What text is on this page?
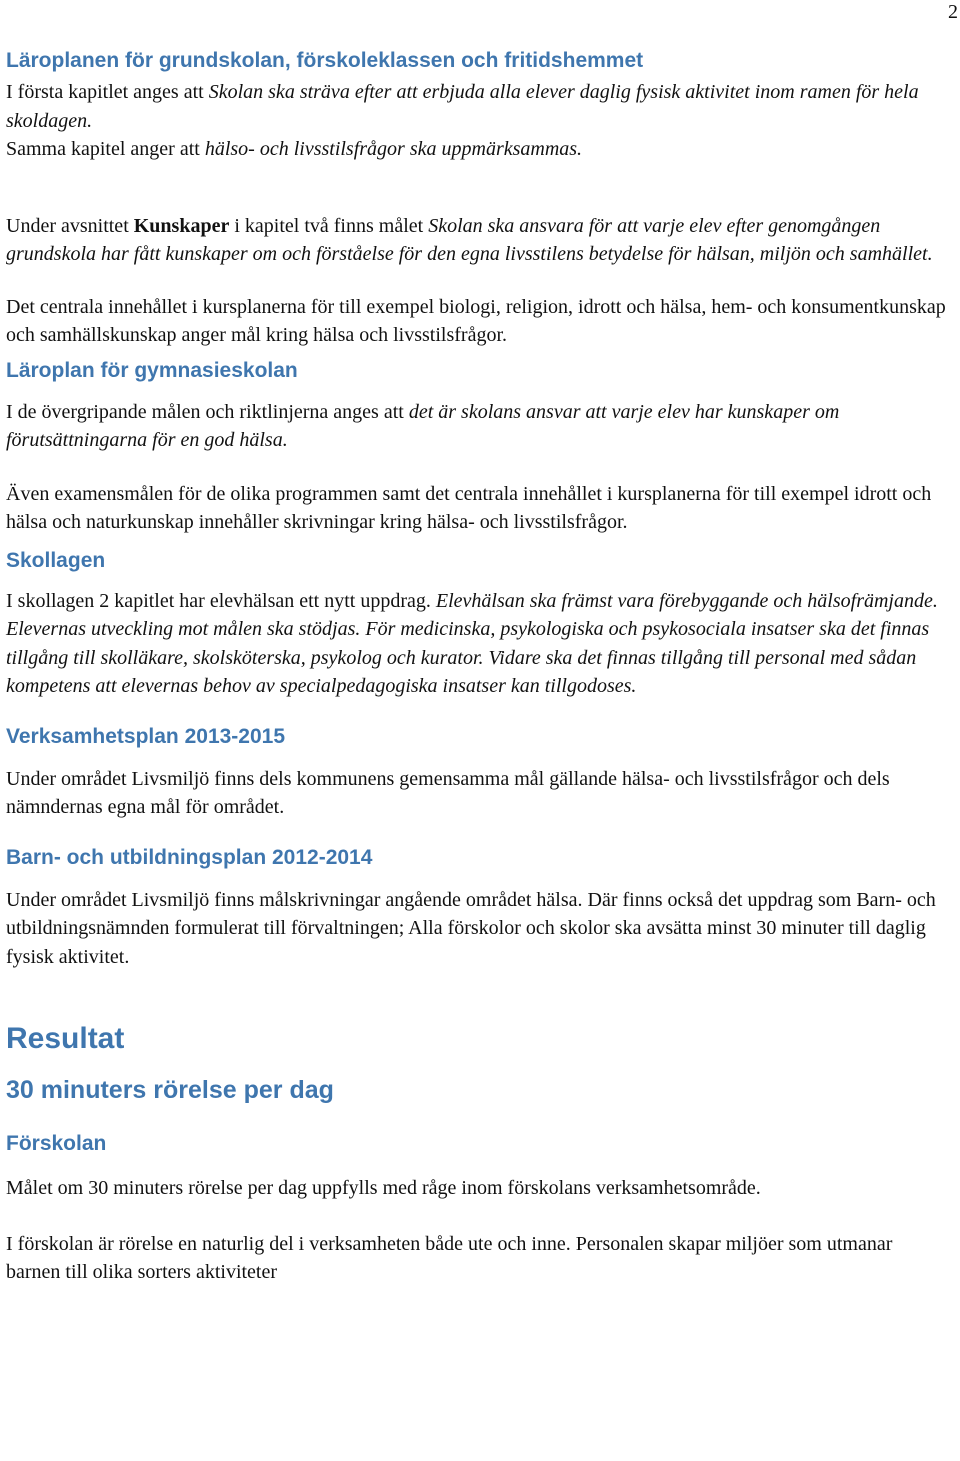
2
Läroplanen för grundskolan, förskoleklassen och fritidshemmet

I första kapitlet anges att Skolan ska sträva efter att erbjuda alla elever daglig fysisk aktivitet inom ramen för hela skoldagen.
Samma kapitel anger att hälso- och livsstilsfrågor ska uppmärksammas.

Under avsnittet Kunskaper i kapitel två finns målet Skolan ska ansvara för att varje elev efter genomgången grundskola har fått kunskaper om och förståelse för den egna livsstilens betydelse för hälsan, miljön och samhället.

Det centrala innehållet i kursplanerna för till exempel biologi, religion, idrott och hälsa, hem- och konsumentkunskap och samhällskunskap anger mål kring hälsa och livsstilsfrågor.

Läroplan för gymnasieskolan

I de övergripande målen och riktlinjerna anges att det är skolans ansvar att varje elev har kunskaper om förutsättningarna för en god hälsa.

Även examensmålen för de olika programmen samt det centrala innehållet i kursplanerna för till exempel idrott och hälsa och naturkunskap innehåller skrivningar kring hälsa- och livsstilsfrågor.

Skollagen

I skollagen 2 kapitlet har elevhälsan ett nytt uppdrag. Elevhälsan ska främst vara förebyggande och hälsofrämjande. Elevernas utveckling mot målen ska stödjas. För medicinska, psykologiska och psykosociala insatser ska det finnas tillgång till skolläkare, skolsköterska, psykolog och kurator. Vidare ska det finnas tillgång till personal med sådan kompetens att elevernas behov av specialpedagogiska insatser kan tillgodoses.

Verksamhetsplan 2013-2015

Under området Livsmiljö finns dels kommunens gemensamma mål gällande hälsa- och livsstilsfrågor och dels nämndernas egna mål för området.

Barn- och utbildningsplan 2012-2014

Under området Livsmiljö finns målskrivningar angående området hälsa. Där finns också det uppdrag som Barn- och utbildningsnämnden formulerat till förvaltningen; Alla förskolor och skolor ska avsätta minst 30 minuter till daglig fysisk aktivitet.

Resultat
30 minuters rörelse per dag
Förskolan

Målet om 30 minuters rörelse per dag uppfylls med råge inom förskolans verksamhetsområde.

I förskolan är rörelse en naturlig del i verksamheten både ute och inne. Personalen skapar miljöer som utmanar barnen till olika sorters aktiviteter
